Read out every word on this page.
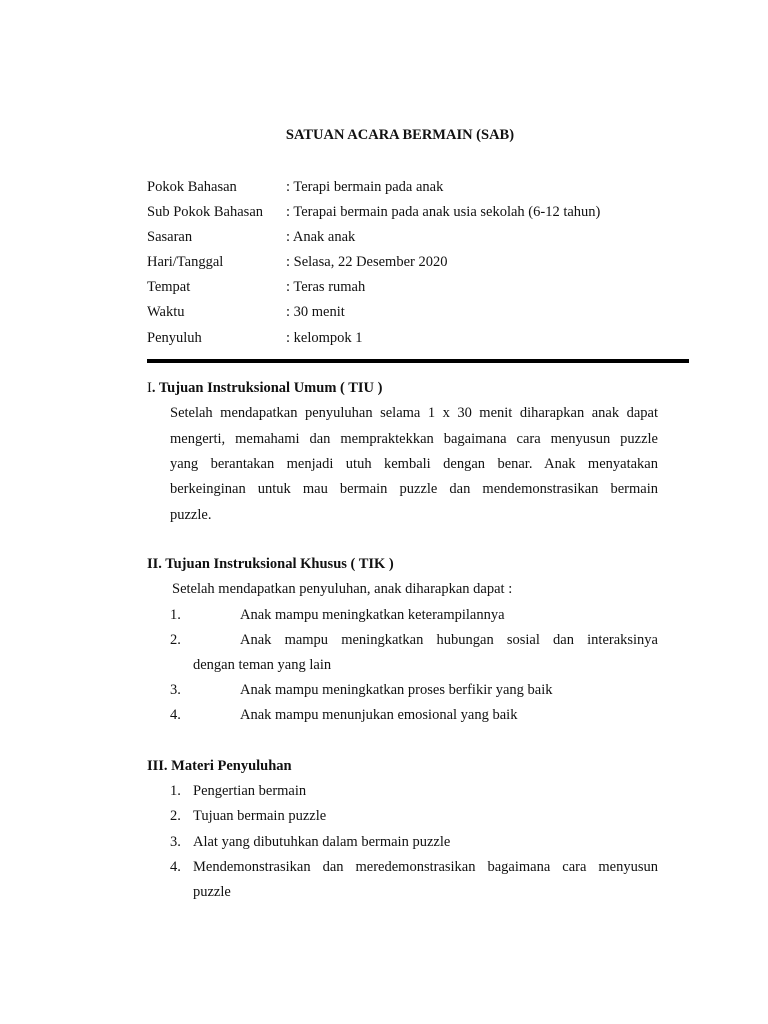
SATUAN ACARA BERMAIN (SAB)
Pokok Bahasan	: Terapi bermain pada anak
Sub Pokok Bahasan	: Terapai bermain pada anak usia sekolah (6-12 tahun)
Sasaran	: Anak anak
Hari/Tanggal	: Selasa, 22 Desember 2020
Tempat	: Teras rumah
Waktu	: 30 menit
Penyuluh	: kelompok 1
I. Tujuan Instruksional Umum ( TIU )
Setelah mendapatkan penyuluhan selama 1 x 30 menit diharapkan anak dapat
mengerti, memahami dan mempraktekkan bagaimana cara menyusun puzzle
yang berantakan menjadi utuh kembali dengan benar. Anak menyatakan
berkeinginan untuk mau bermain puzzle dan mendemonstrasikan bermain
puzzle.
II. Tujuan Instruksional Khusus ( TIK )
Setelah mendapatkan penyuluhan, anak diharapkan dapat :
1.	Anak mampu meningkatkan keterampilannya
2.	Anak mampu meningkatkan hubungan sosial dan interaksinya
dengan teman yang lain
3.	Anak mampu meningkatkan proses berfikir yang baik
4.	Anak mampu menunjukan emosional yang baik
III. Materi Penyuluhan
1. Pengertian bermain
2. Tujuan bermain puzzle
3. Alat yang dibutuhkan dalam bermain puzzle
4. Mendemonstrasikan dan meredemonstrasikan bagaimana cara menyusun
puzzle
